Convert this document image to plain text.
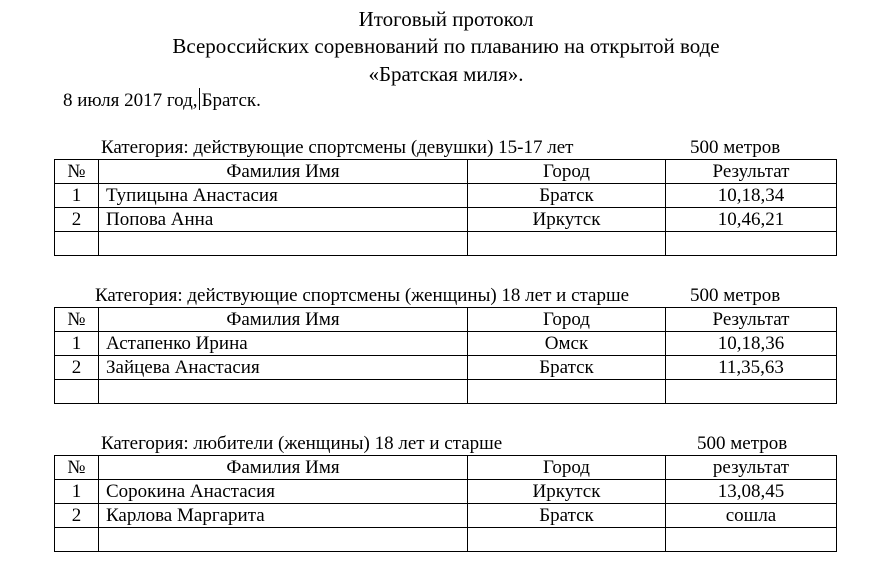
Итоговый протокол
Всероссийских соревнований по плаванию на открытой воде
«Братская миля».
8 июля 2017 год, Братск.
Категория: действующие спортсмены (девушки) 15-17 лет	500 метров
№	Фамилия Имя	Город	Результат
1	Тупицына Анастасия	Братск	10,18,34
2	Попова Анна	Иркутск	10,46,21

Категория: действующие спортсмены (женщины) 18 лет и старше	500 метров
№	Фамилия Имя	Город	Результат
1	Астапенко Ирина	Омск	10,18,36
2	Зайцева Анастасия	Братск	11,35,63

Категория: любители (женщины) 18 лет и старше	500 метров
№	Фамилия Имя	Город	результат
1	Сорокина Анастасия	Иркутск	13,08,45
2	Карлова Маргарита	Братск	сошла
